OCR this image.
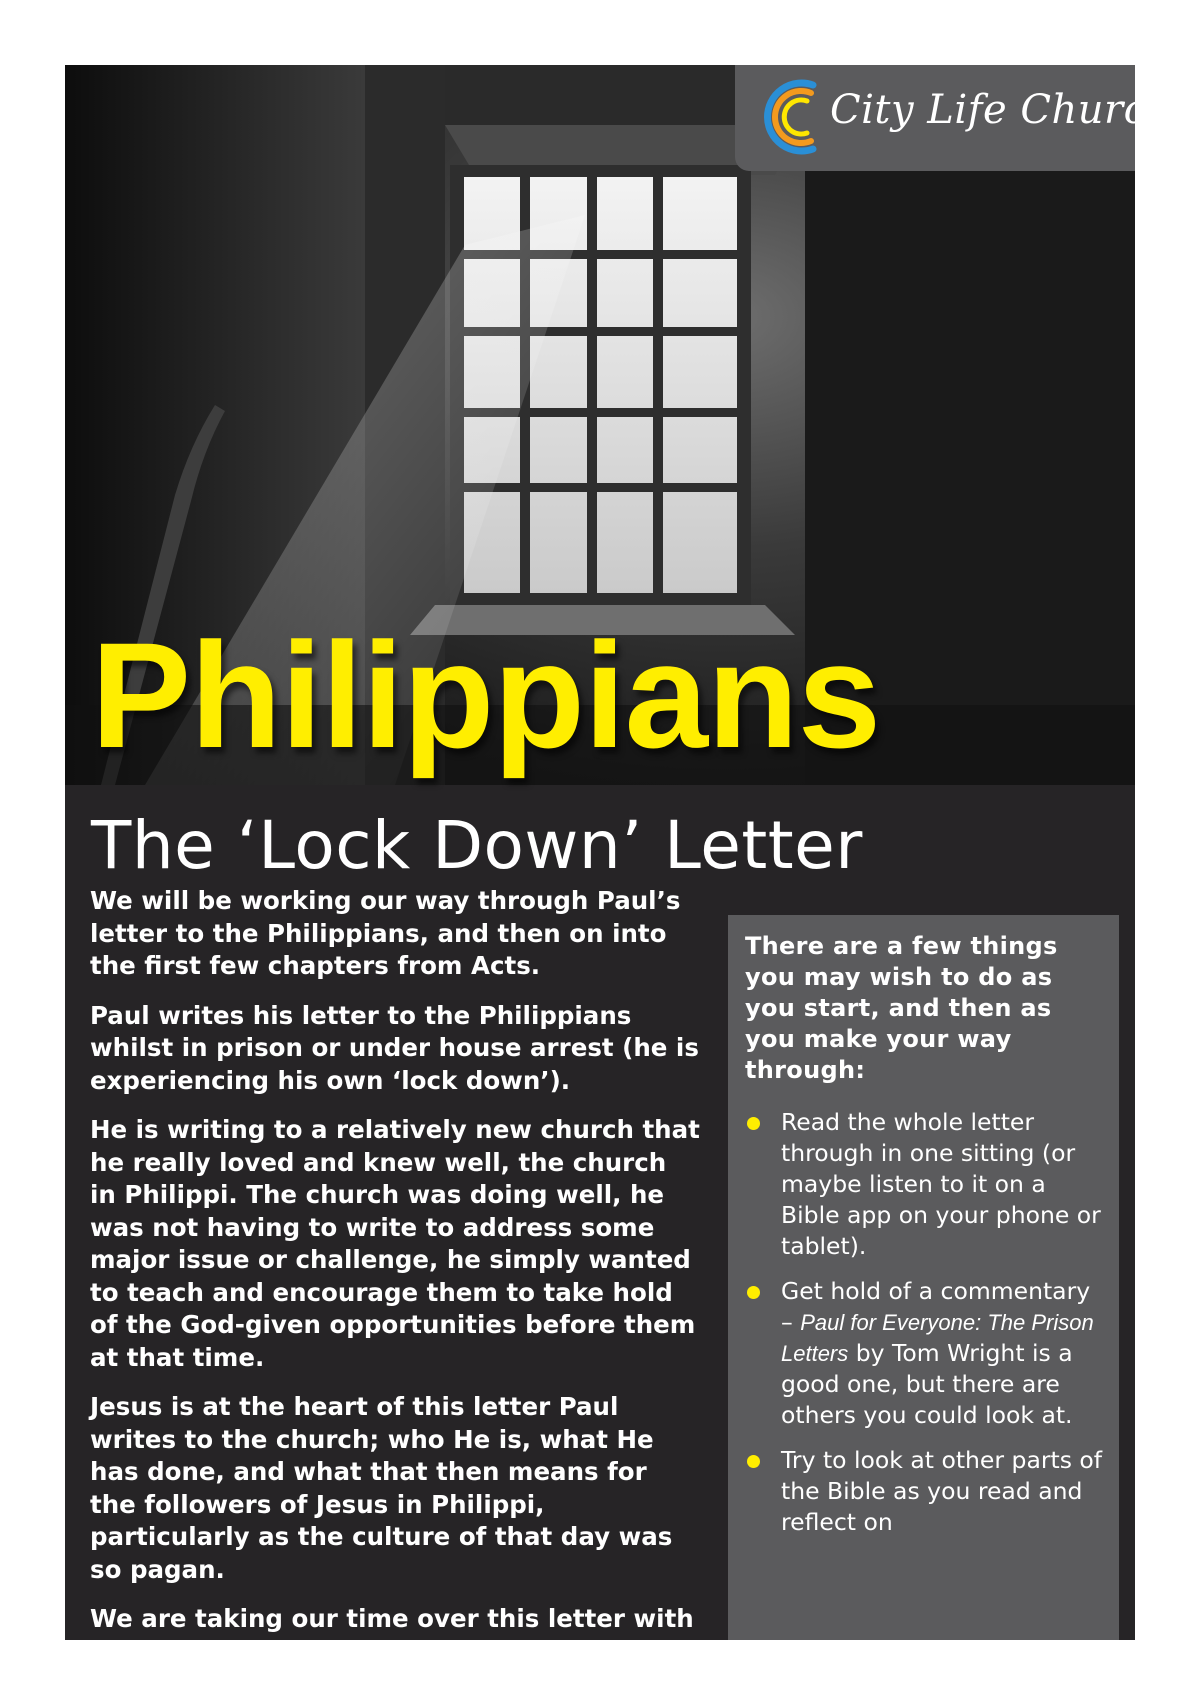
City Life Church
Philippians
The ‘Lock Down’ Letter

We will be working our way through Paul’s letter to the Philippians, and then on into the first few chapters from Acts.

Paul writes his letter to the Philippians whilst in prison or under house arrest (he is experiencing his own ‘lock down’).

He is writing to a relatively new church that he really loved and knew well, the church in Philippi. The church was doing well, he was not having to write to address some major issue or challenge, he simply wanted to teach and encourage them to take hold of the God-given opportunities before them at that time.

Jesus is at the heart of this letter Paul writes to the church; who He is, what He has done, and what that then means for the followers of Jesus in Philippi, particularly as the culture of that day was so pagan.

We are taking our time over this letter with just a few verses to look at each day, and

There are a few things you may wish to do as you start, and then as you make your way through:
Read the whole letter through in one sitting (or maybe listen to it on a Bible app on your phone or tablet).
Get hold of a commentary – Paul for Everyone: The Prison Letters by Tom Wright is a good one, but there are others you could look at.
Try to look at other parts of the Bible as you read and reflect on
